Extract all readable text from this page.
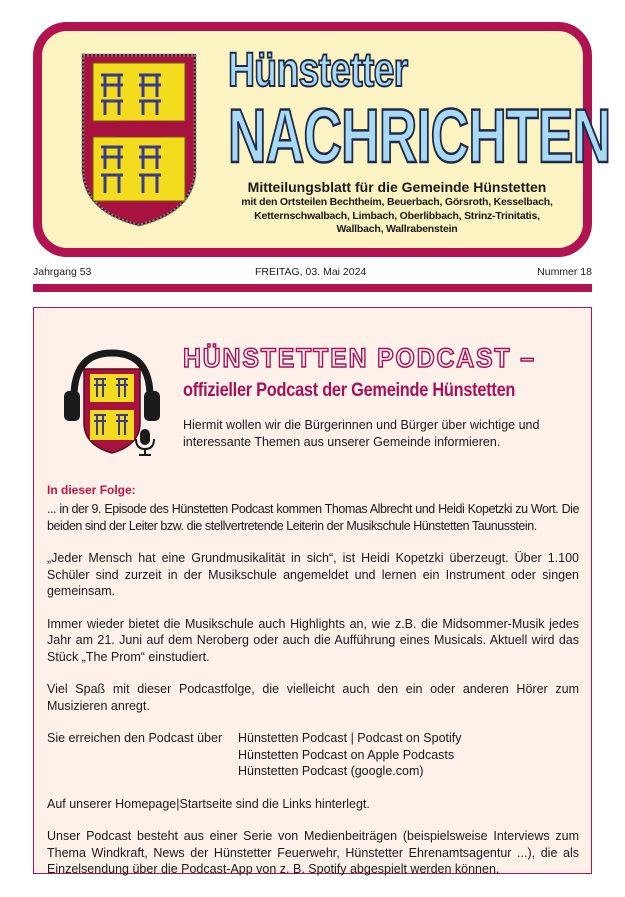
Hünstetter
NACHRICHTEN
Mitteilungsblatt für die Gemeinde Hünstetten
mit den Ortsteilen Bechtheim, Beuerbach, Görsroth, Kesselbach,
Ketternschwalbach, Limbach, Oberlibbach, Strinz-Trinitatis,
Wallbach, Wallrabenstein
Jahrgang 53	FREITAG, 03. Mai 2024	Nummer 18
HÜNSTETTEN PODCAST –
offizieller Podcast der Gemeinde Hünstetten
Hiermit wollen wir die Bürgerinnen und Bürger über wichtige und interessante Themen aus unserer Gemeinde informieren.
In dieser Folge:

... in der 9. Episode des Hünstetten Podcast kommen Thomas Albrecht und Heidi Kopetzki zu Wort. Die beiden sind der Leiter bzw. die stellvertretende Leiterin der Musikschule Hünstetten Taunusstein.

„Jeder Mensch hat eine Grundmusikalität in sich“, ist Heidi Kopetzki überzeugt. Über 1.100 Schüler sind zurzeit in der Musikschule angemeldet und lernen ein Instrument oder singen gemeinsam.

Immer wieder bietet die Musikschule auch Highlights an, wie z.B. die Midsommer-Musik jedes Jahr am 21. Juni auf dem Neroberg oder auch die Aufführung eines Musicals. Aktuell wird das Stück „The Prom“ einstudiert.

Viel Spaß mit dieser Podcastfolge, die vielleicht auch den ein oder anderen Hörer zum Musizieren anregt.

Sie erreichen den Podcast über	Hünstetten Podcast | Podcast on Spotify
Hünstetten Podcast on Apple Podcasts
Hünstetten Podcast (google.com)

Auf unserer Homepage|Startseite sind die Links hinterlegt.

Unser Podcast besteht aus einer Serie von Medienbeiträgen (beispielsweise Interviews zum Thema Windkraft, News der Hünstetter Feuerwehr, Hünstetter Ehrenamtsagentur ...), die als Einzelsendung über die Podcast-App von z. B. Spotify abgespielt werden können.
